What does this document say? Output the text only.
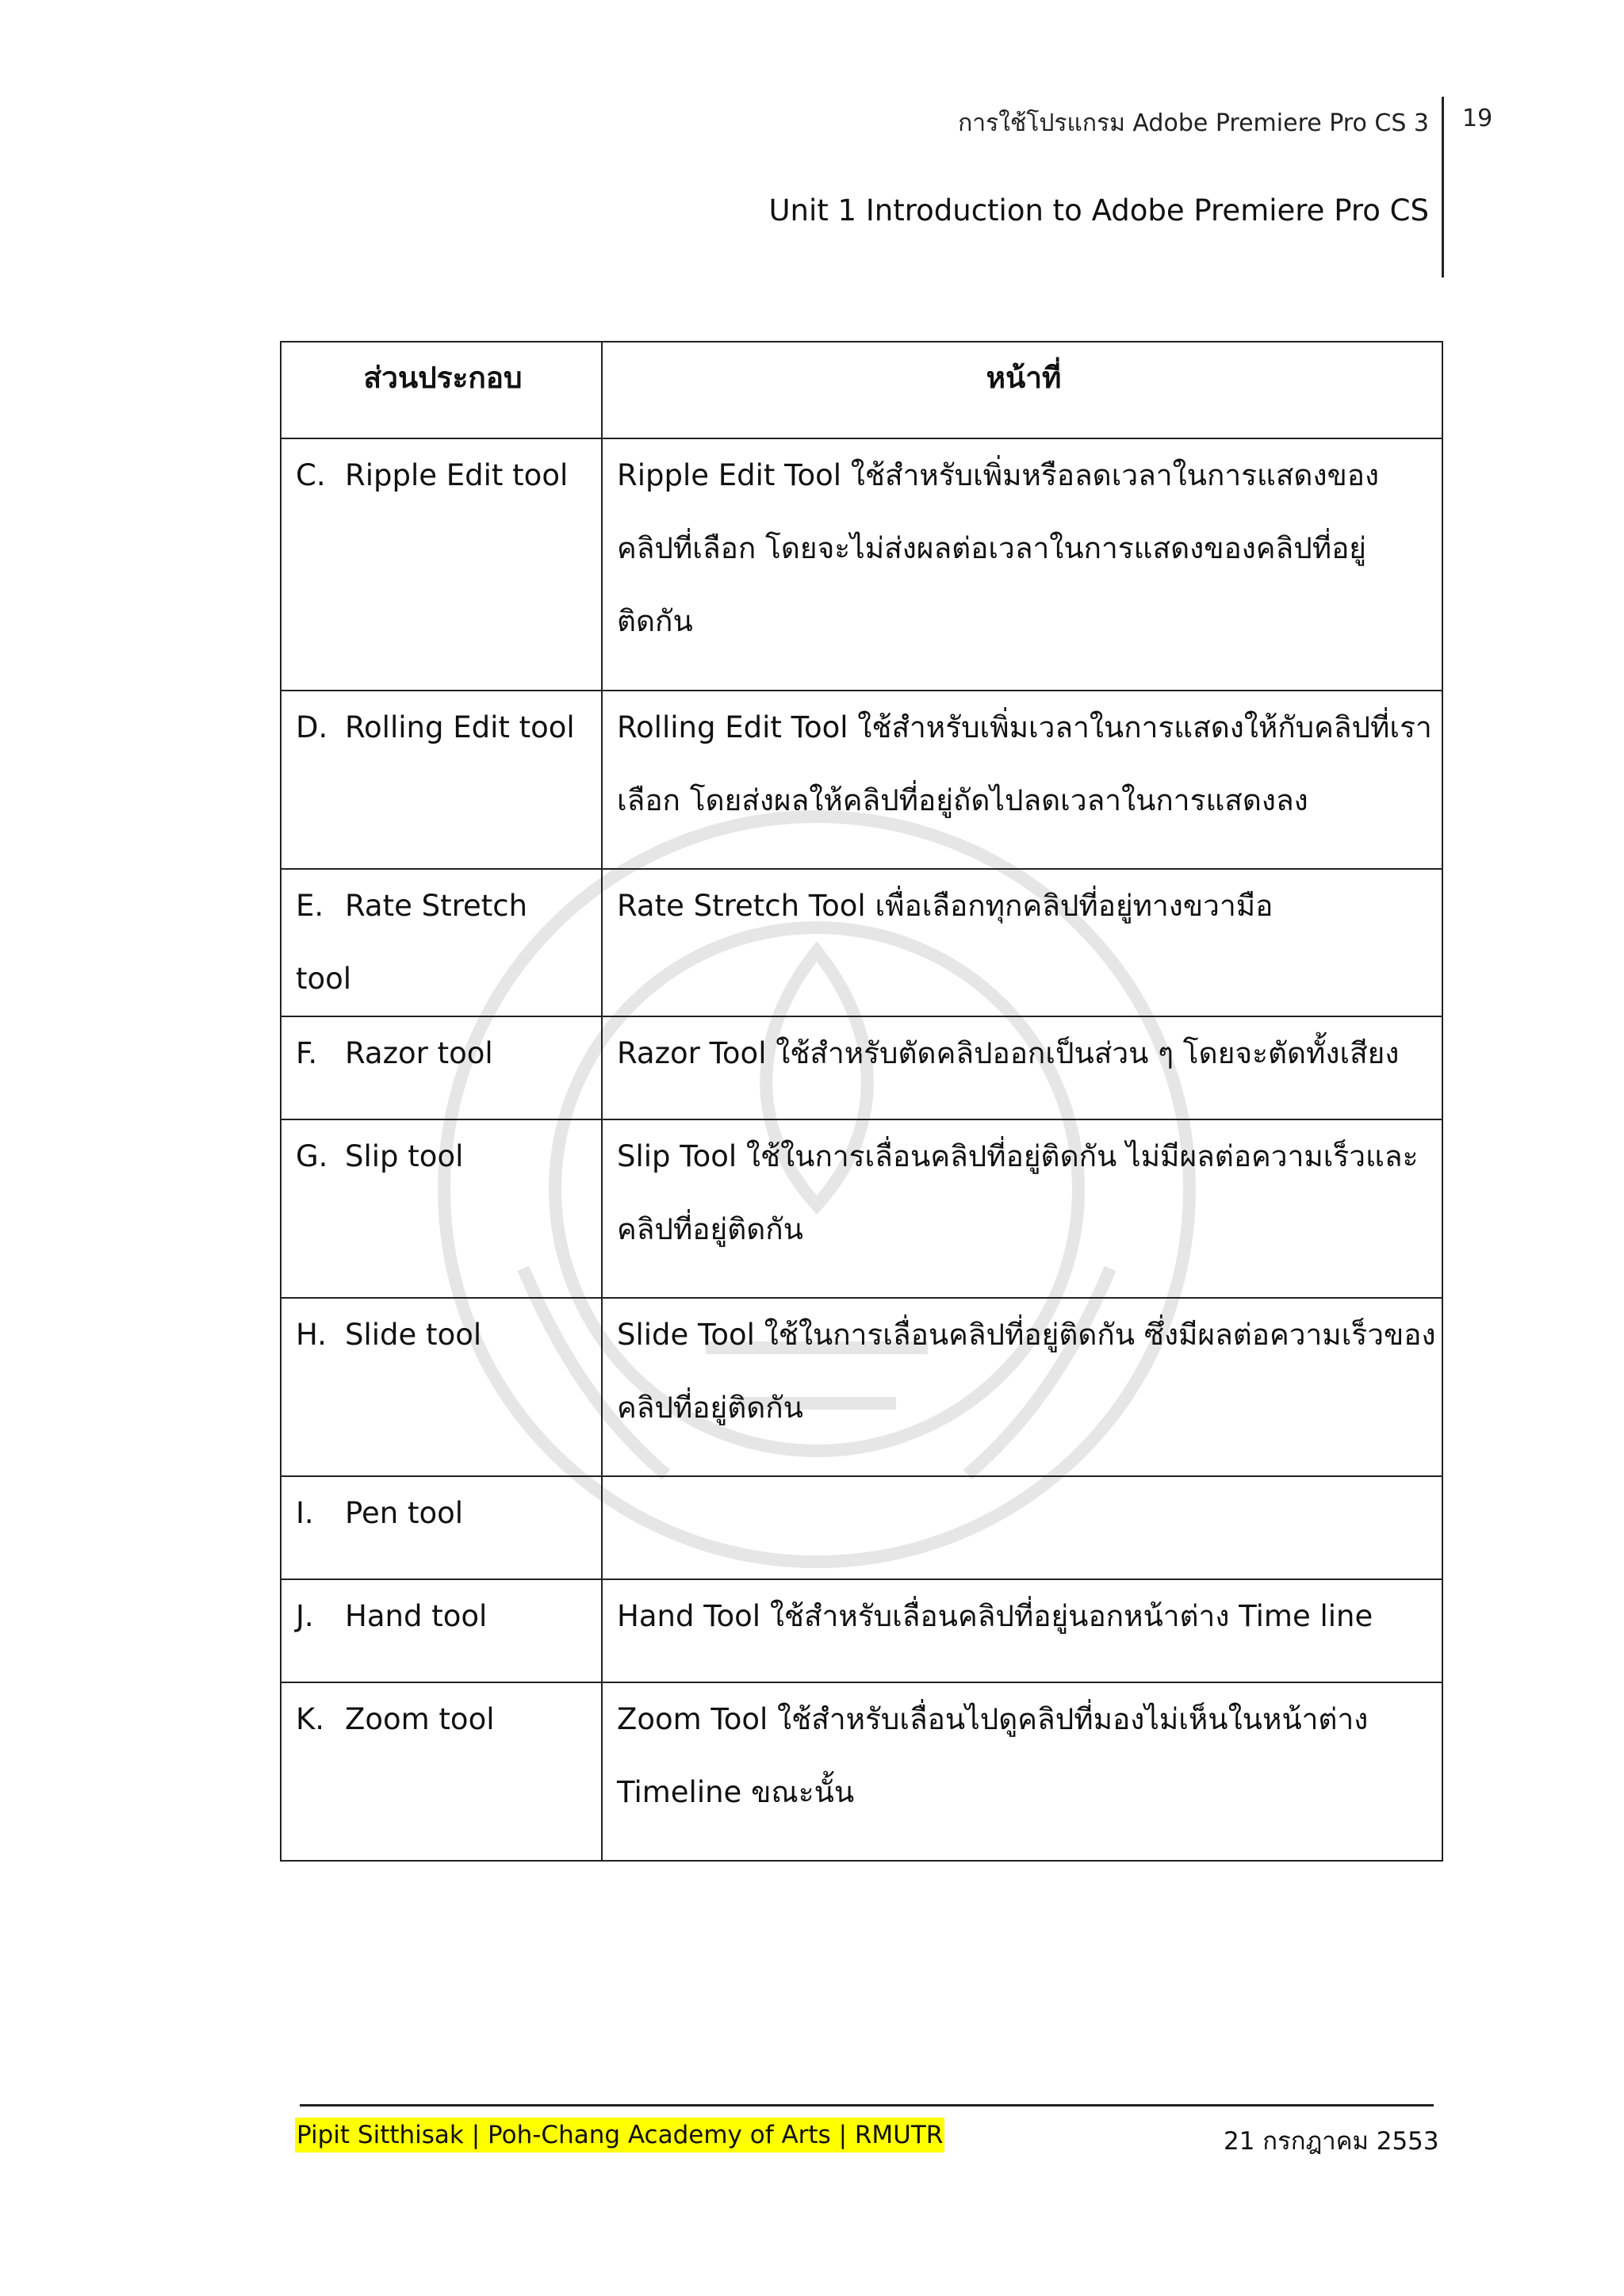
การใช้โปรแกรม Adobe Premiere Pro CS 3 19
Unit 1 Introduction to Adobe Premiere Pro CS
ส่วนประกอบ	หน้าที่
C. Ripple Edit tool	Ripple Edit Tool ใช้สำหรับเพิ่มหรือลดเวลาในการแสดงของ
คลิปที่เลือก โดยจะไม่ส่งผลต่อเวลาในการแสดงของคลิปที่อยู่
ติดกัน

D. Rolling Edit tool	Rolling Edit Tool ใช้สำหรับเพิ่มเวลาในการแสดงให้กับคลิปที่เรา
เลือก โดยส่งผลให้คลิปที่อยู่ถัดไปลดเวลาในการแสดงลง

E. Rate Stretch tool	Rate Stretch Tool เพื่อเลือกทุกคลิปที่อยู่ทางขวามือ

F. Razor tool	Razor Tool ใช้สำหรับตัดคลิปออกเป็นส่วน ๆ โดยจะตัดทั้งเสียง

G. Slip tool	Slip Tool ใช้ในการเลื่อนคลิปที่อยู่ติดกัน ไม่มีผลต่อความเร็วและ
คลิปที่อยู่ติดกัน

H. Slide tool	Slide Tool ใช้ในการเลื่อนคลิปที่อยู่ติดกัน ซึ่งมีผลต่อความเร็วของ
คลิปที่อยู่ติดกัน

I. Pen tool	

J. Hand tool	Hand Tool ใช้สำหรับเลื่อนคลิปที่อยู่นอกหน้าต่าง Time line

K. Zoom tool	Zoom Tool ใช้สำหรับเลื่อนไปดูคลิปที่มองไม่เห็นในหน้าต่าง
Timeline ขณะนั้น
Pipit Sitthisak | Poh-Chang Academy of Arts | RMUTR	21 กรกฎาคม 2553
